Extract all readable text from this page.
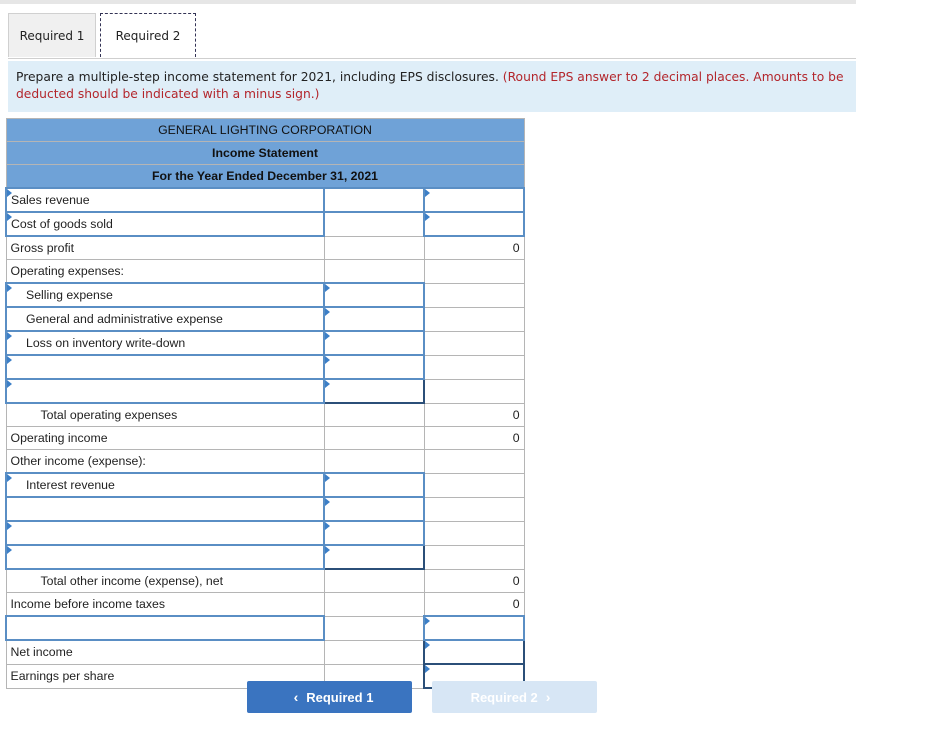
Required 1	Required 2
Prepare a multiple-step income statement for 2021, including EPS disclosures. (Round EPS answer to 2 decimal places. Amounts to be deducted should be indicated with a minus sign.)
GENERAL LIGHTING CORPORATION		
Income Statement		
For the Year Ended December 31, 2021		
Sales revenue		
Cost of goods sold		
Gross profit		0
Operating expenses:		
Selling expense		
General and administrative expense		
Loss on inventory write-down		

Total operating expenses		0
Operating income		0
Other income (expense):		
Interest revenue		

Total other income (expense), net		0
Income before income taxes		0

Net income		
Earnings per share		
‹ Required 1	Required 2 ›
